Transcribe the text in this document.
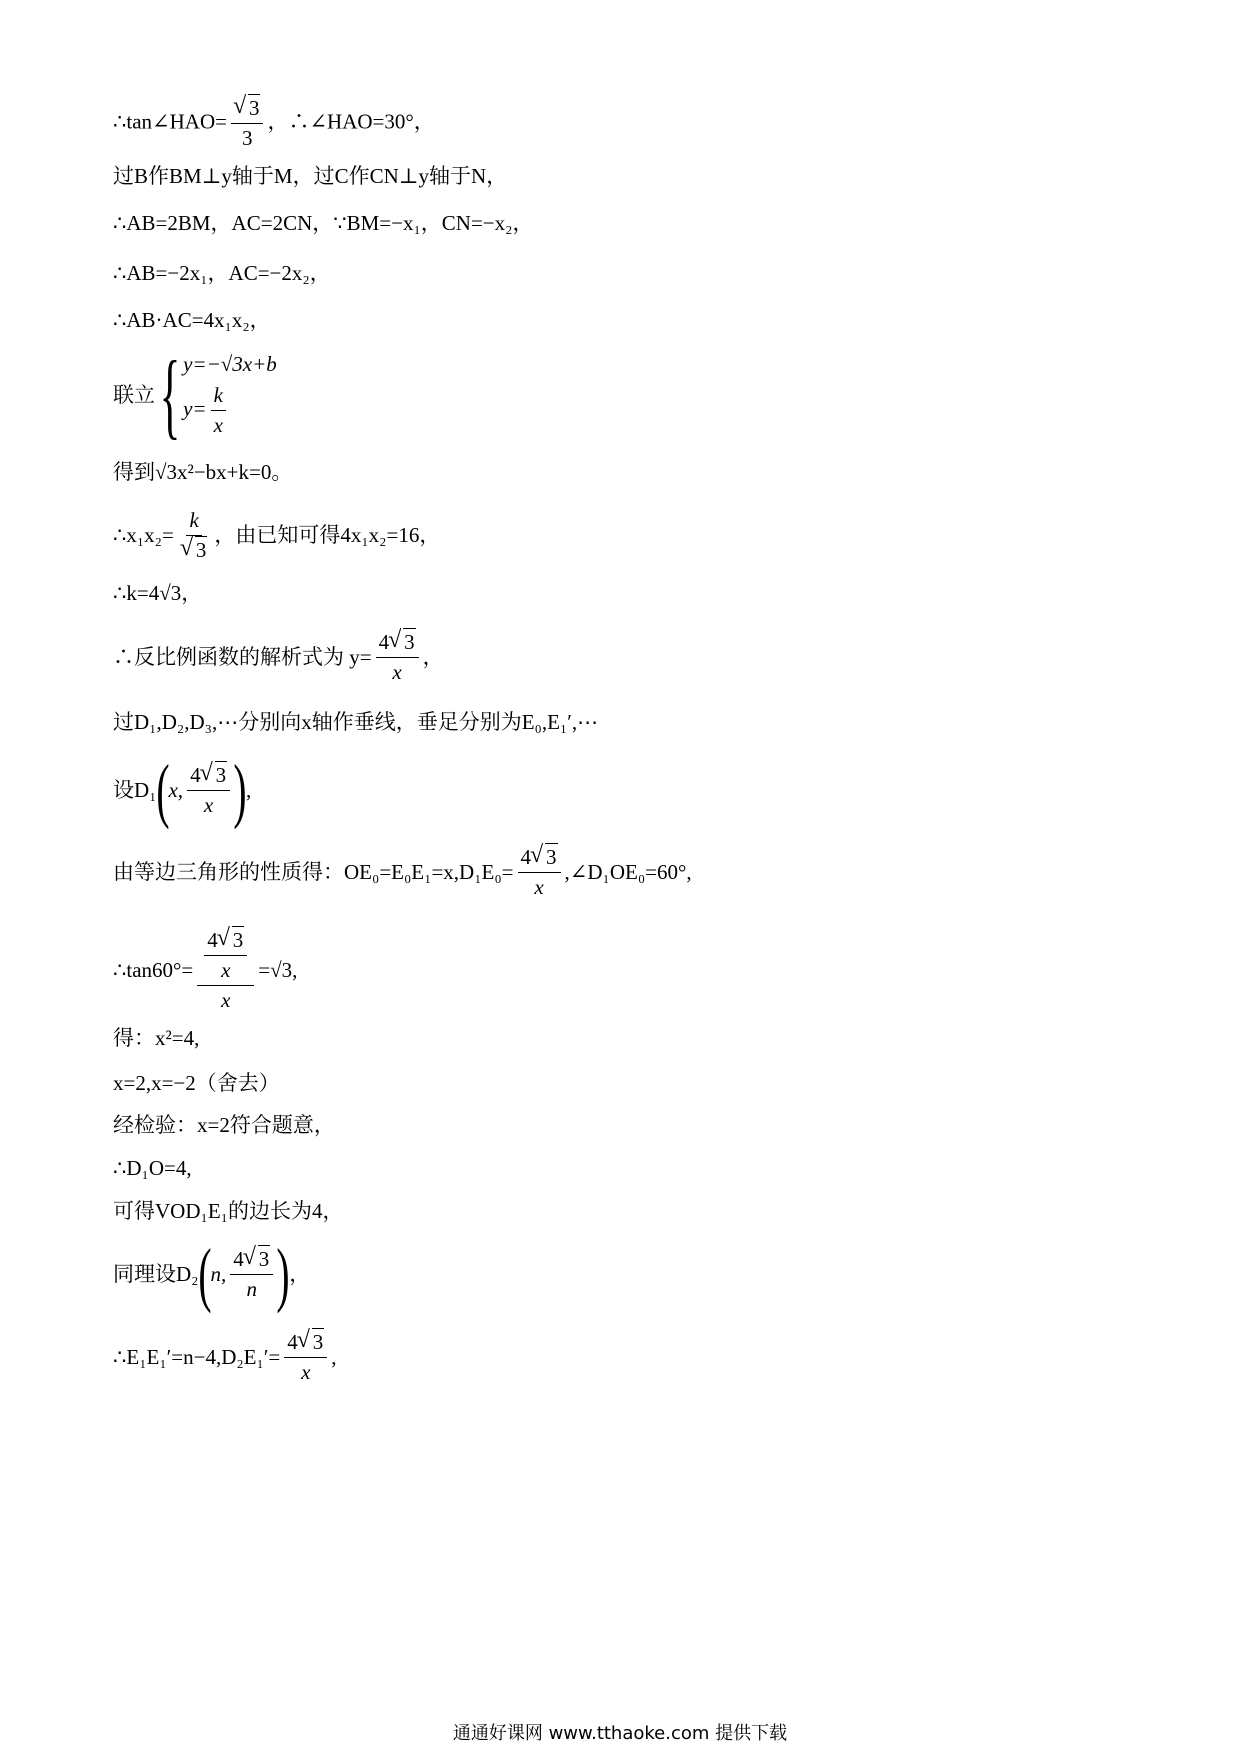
∴tan∠HAO= √ $\frac{3}{3}$ ，∴∠HAO=30°，
过B作BM⊥y轴于M，过C作CN⊥y轴于N，
∴AB=2BM，AC=2CN，∵BM=−x₁，CN=−x₂，
∴AB=−2x₁，AC=−2x₂，
∴AB·AC=4x₁x₂，
联立 { y=−√3x+b
$y= \frac{k}{x}$
得到√3x²−bx+k=0。
∴x₁x₂= k
√ 3 ，由已知可得4x₁x₂=16，
∴k=4√3，
∴反比例函数的解析式为 $y= \frac{4 √ 3}{x}$ ，
过D₁,D₂,D₃,⋯分别向x轴作垂线，垂足分别为E₀,E₁′,⋯
设D₁ ( x, $\frac{4 √ 3}{x}$ ) ,
由等边三角形的性质得：$OE_0=E_0E_1=x,D_1E_0= \frac{4 √ 3}{x}$ ,∠D₁OE₀=60°,
∴tan60°= $\frac{\frac{4 √ 3}{x}}{x} =√3$,
得：x²=4,
x=2,x=−2（舍去）
经检验：x=2符合题意，
∴D₁O=4,
可得VOD₁E₁的边长为4，
同理设D₂ ( n, $\frac{4 √ 3}{n}$ ) ，
∴E₁E₁′=n−4,D₂E₁′= $\frac{4 √ 3}{x}$ ,
通通好课网 www.tthaoke.com 提供下载
